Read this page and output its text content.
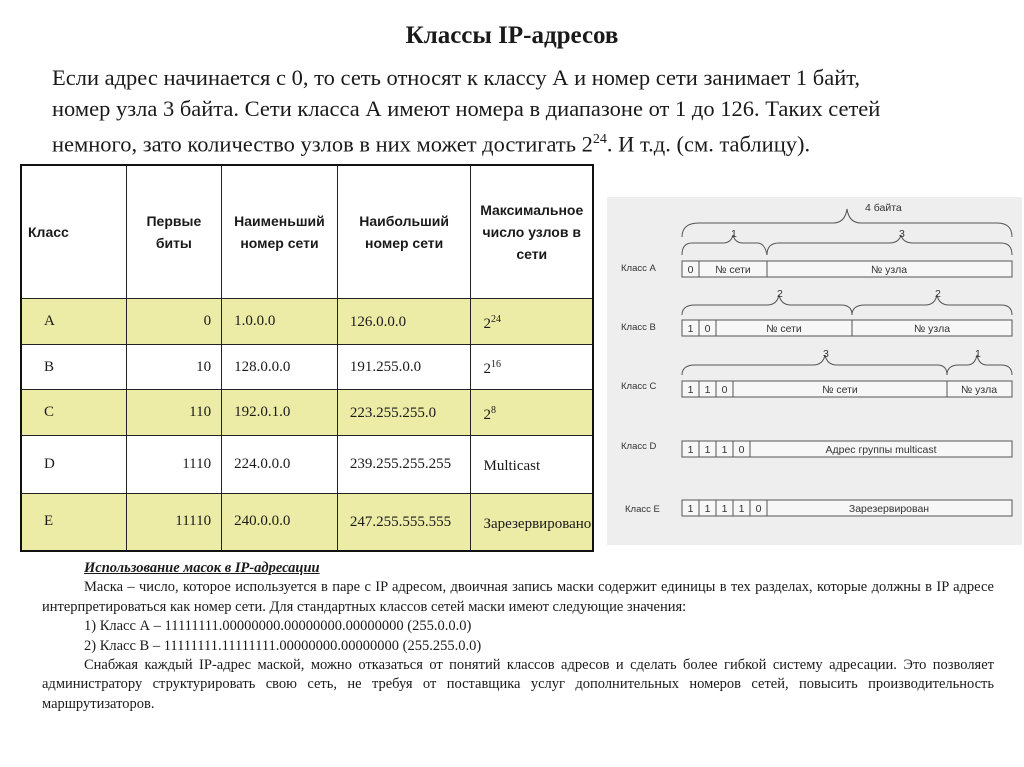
Классы IP-адресов
Если адрес начинается с 0, то сеть относят к классу А и номер сети занимает 1 байт,
номер узла 3 байта. Сети класса А имеют номера в диапазоне от 1 до 126. Таких сетей
немного, зато количество узлов в них может достигать $2^{24}$. И т.д. (см. таблицу).
Класс	Первые биты	Наименьший номер сети	Наибольший номер сети	Максимальное число узлов в сети
A	0	1.0.0.0	126.0.0.0	$2^{24}$
B	10	128.0.0.0	191.255.0.0	$2^{16}$
C	110	192.0.1.0	223.255.255.0	$2^8$
D	1110	224.0.0.0	239.255.255.255	Multicast
E	11110	240.0.0.0	247.255.555.555	Зарезервировано
4 байта
1	3
2	2
3	1
Класс А
Класс В
Класс С
Класс D
Класс Е
0 № сети	№ узла
1 0	№ сети	№ узла
1 1 0	№ сети	№ узла
1 1 1 0	Адрес группы multicast
1 1 1 1 0	Зарезервирован

Использование масок в IP-адресации

Маска – число, которое используется в паре с IP адресом, двоичная запись маски содержит единицы в тех разделах, которые должны в IP адресе интерпретироваться как номер сети. Для стандартных классов сетей маски имеют следующие значения:

1) Класс А – 11111111.00000000.00000000.00000000 (255.0.0.0)

2) Класс В – 11111111.11111111.00000000.00000000 (255.255.0.0)

Снабжая каждый IP-адрес маской, можно отказаться от понятий классов адресов и сделать более гибкой систему адресации. Это позволяет администратору структурировать свою сеть, не требуя от поставщика услуг дополнительных номеров сетей, повысить производительность маршрутизаторов.
